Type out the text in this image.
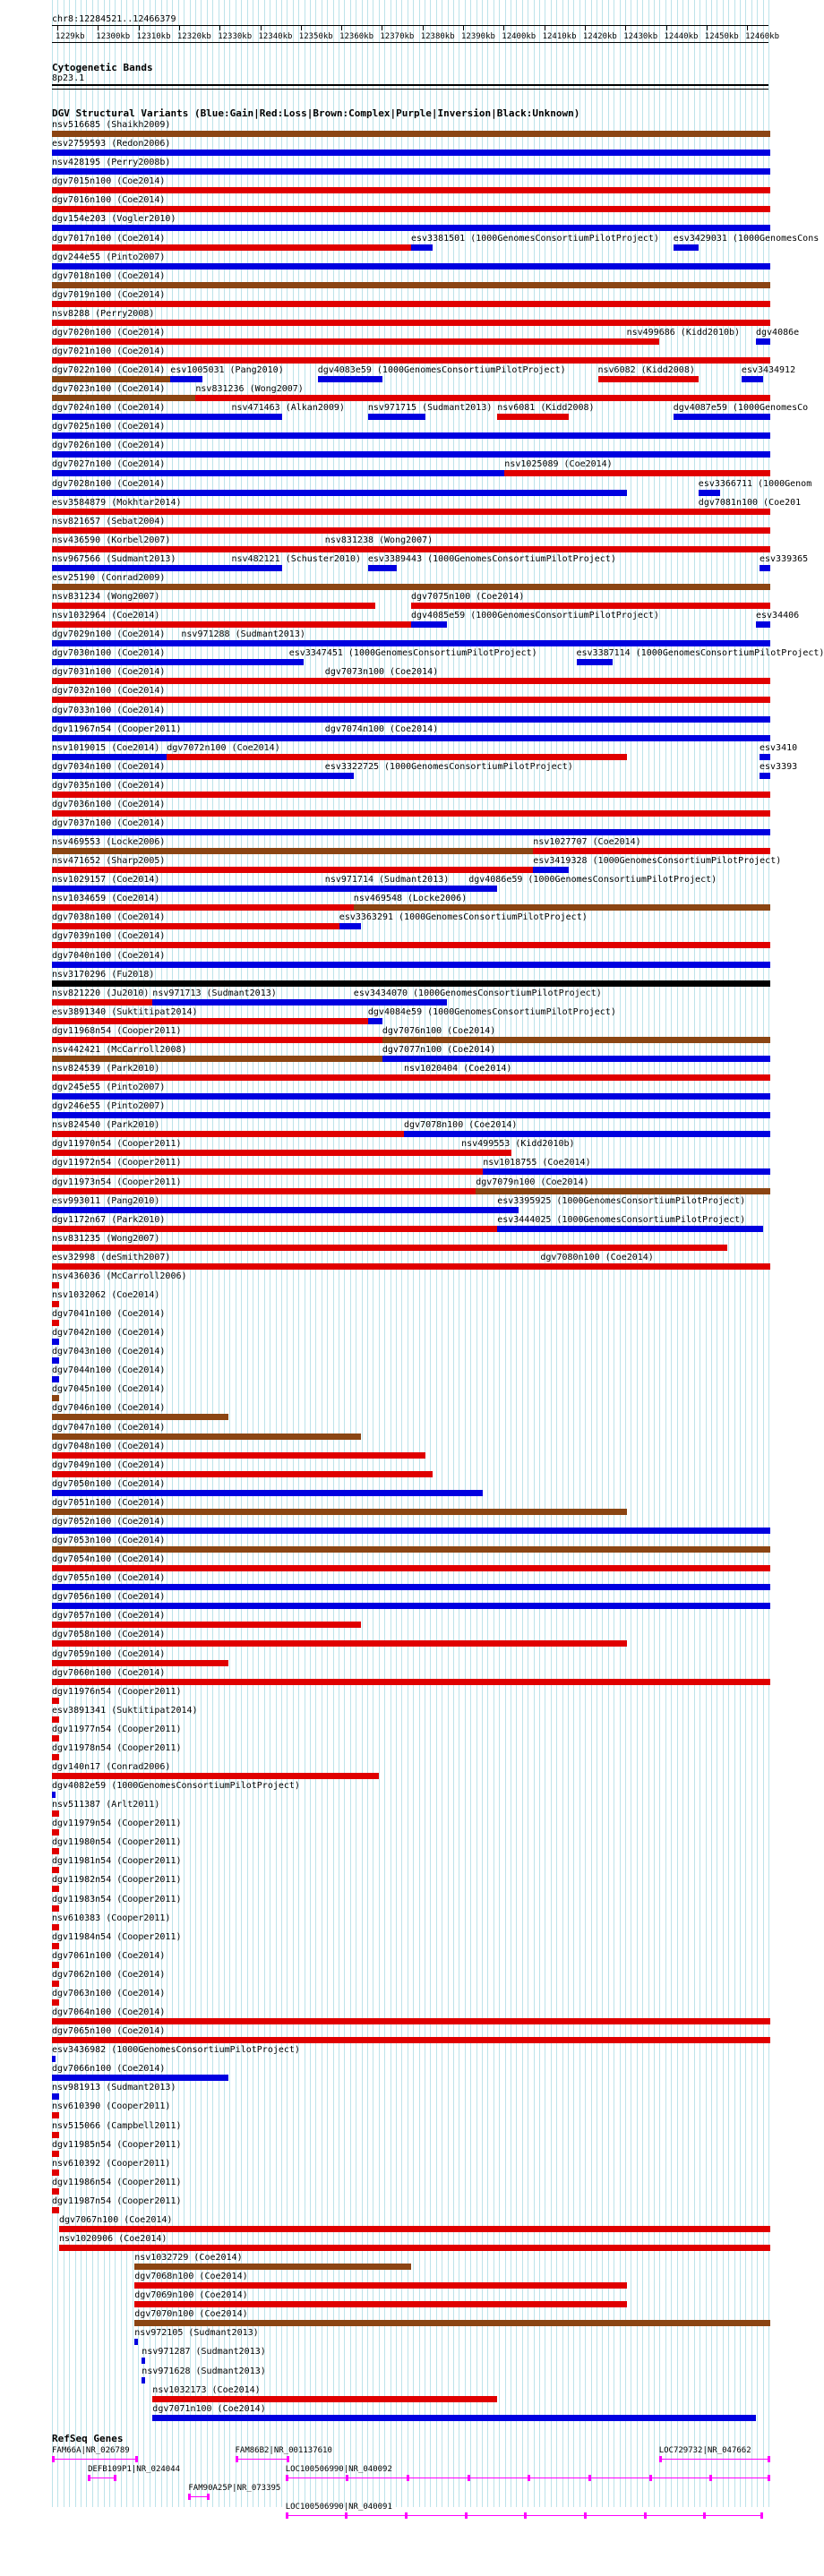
chr8:12284521..12466379
1229kb 12300kb 12310kb 12320kb 12330kb 12340kb 12350kb 12360kb 12370kb 12380kb 12390kb 12400kb 12410kb 12420kb 12430kb 12440kb 12450kb 12460kb
Cytogenetic Bands
8p23.1
DGV Structural Variants (Blue:Gain|Red:Loss|Brown:Complex|Purple|Inversion|Black:Unknown)
nsv516685 (Shaikh2009)
esv2759593 (Redon2006)
nsv428195 (Perry2008b)
dgv7015n100 (Coe2014)
dgv7016n100 (Coe2014)
dgv154e203 (Vogler2010)
dgv7017n100 (Coe2014)	esv3381501 (1000GenomesConsortiumPilotProject) esv3429031 (1000GenomesCons
dgv244e55 (Pinto2007)
dgv7018n100 (Coe2014)
dgv7019n100 (Coe2014)
nsv8288 (Perry2008)
dgv7020n100 (Coe2014)	nsv499686 (Kidd2010b) dgv4086e
dgv7021n100 (Coe2014)
dgv7022n100 (Coe2014) esv1005031 (Pang2010)	dgv4083e59 (1000GenomesConsortiumPilotProject)	nsv6082 (Kidd2008)	esv3434912
dgv7023n100 (Coe2014)	nsv831236 (Wong2007)
dgv7024n100 (Coe2014)	nsv471463 (Alkan2009)	nsv971715 (Sudmant2013) nsv6081 (Kidd2008)	dgv4087e59 (1000GenomesCo
dgv7025n100 (Coe2014)
dgv7026n100 (Coe2014)
dgv7027n100 (Coe2014)	nsv1025089 (Coe2014)
dgv7028n100 (Coe2014)	esv3366711 (1000Genom
esv3584879 (Mokhtar2014)	dgv7081n100 (Coe201
nsv821657 (Sebat2004)
nsv436590 (Korbel2007)	nsv831238 (Wong2007)
nsv967566 (Sudmant2013)	nsv482121 (Schuster2010) esv3389443 (1000GenomesConsortiumPilotProject)	esv339365
esv25190 (Conrad2009)
nsv831234 (Wong2007)	dgv7075n100 (Coe2014)
nsv1032964 (Coe2014)	dgv4085e59 (1000GenomesConsortiumPilotProject)	esv34406
dgv7029n100 (Coe2014) nsv971288 (Sudmant2013)
dgv7030n100 (Coe2014)	esv3347451 (1000GenomesConsortiumPilotProject)	esv3387114 (1000GenomesConsortiumPilotProject)
dgv7031n100 (Coe2014)	dgv7073n100 (Coe2014)
dgv7032n100 (Coe2014)
dgv7033n100 (Coe2014)
dgv11967n54 (Cooper2011)	dgv7074n100 (Coe2014)
nsv1019015 (Coe2014) dgv7072n100 (Coe2014)	esv3410
dgv7034n100 (Coe2014)	esv3322725 (1000GenomesConsortiumPilotProject)	esv3393
dgv7035n100 (Coe2014)
dgv7036n100 (Coe2014)
dgv7037n100 (Coe2014)
nsv469553 (Locke2006)	nsv1027707 (Coe2014)
nsv471652 (Sharp2005)	esv3419328 (1000GenomesConsortiumPilotProject)
nsv1029157 (Coe2014)	nsv971714 (Sudmant2013) dgv4086e59 (1000GenomesConsortiumPilotProject)
nsv1034659 (Coe2014)	nsv469548 (Locke2006)
dgv7038n100 (Coe2014)	esv3363291 (1000GenomesConsortiumPilotProject)
dgv7039n100 (Coe2014)
dgv7040n100 (Coe2014)
nsv3170296 (Fu2018)
nsv821220 (Ju2010) nsv971713 (Sudmant2013)	esv3434070 (1000GenomesConsortiumPilotProject)
esv3891340 (Suktitipat2014)	dgv4084e59 (1000GenomesConsortiumPilotProject)
dgv11968n54 (Cooper2011)	dgv7076n100 (Coe2014)
nsv442421 (McCarroll2008)	dgv7077n100 (Coe2014)
nsv824539 (Park2010)	nsv1020404 (Coe2014)
dgv245e55 (Pinto2007)
dgv246e55 (Pinto2007)
nsv824540 (Park2010)	dgv7078n100 (Coe2014)
dgv11970n54 (Cooper2011)	nsv499553 (Kidd2010b)
dgv11972n54 (Cooper2011)	nsv1018755 (Coe2014)
dgv11973n54 (Cooper2011)	dgv7079n100 (Coe2014)
esv993011 (Pang2010)	esv3395925 (1000GenomesConsortiumPilotProject)
dgv1172n67 (Park2010)	esv3444025 (1000GenomesConsortiumPilotProject)
nsv831235 (Wong2007)
esv32998 (deSmith2007)	dgv7080n100 (Coe2014)
nsv436036 (McCarroll2006)
nsv1032062 (Coe2014)
dgv7041n100 (Coe2014)
dgv7042n100 (Coe2014)
dgv7043n100 (Coe2014)
dgv7044n100 (Coe2014)
dgv7045n100 (Coe2014)
dgv7046n100 (Coe2014)
dgv7047n100 (Coe2014)
dgv7048n100 (Coe2014)
dgv7049n100 (Coe2014)
dgv7050n100 (Coe2014)
dgv7051n100 (Coe2014)
dgv7052n100 (Coe2014)
dgv7053n100 (Coe2014)
dgv7054n100 (Coe2014)
dgv7055n100 (Coe2014)
dgv7056n100 (Coe2014)
dgv7057n100 (Coe2014)
dgv7058n100 (Coe2014)
dgv7059n100 (Coe2014)
dgv7060n100 (Coe2014)
dgv11976n54 (Cooper2011)
esv3891341 (Suktitipat2014)
dgv11977n54 (Cooper2011)
dgv11978n54 (Cooper2011)
dgv140n17 (Conrad2006)
dgv4082e59 (1000GenomesConsortiumPilotProject)
nsv511387 (Arlt2011)
dgv11979n54 (Cooper2011)
dgv11980n54 (Cooper2011)
dgv11981n54 (Cooper2011)
dgv11982n54 (Cooper2011)
dgv11983n54 (Cooper2011)
nsv610383 (Cooper2011)
dgv11984n54 (Cooper2011)
dgv7061n100 (Coe2014)
dgv7062n100 (Coe2014)
dgv7063n100 (Coe2014)
dgv7064n100 (Coe2014)
dgv7065n100 (Coe2014)
esv3436982 (1000GenomesConsortiumPilotProject)
dgv7066n100 (Coe2014)
nsv981913 (Sudmant2013)
nsv610390 (Cooper2011)
nsv515066 (Campbell2011)
dgv11985n54 (Cooper2011)
nsv610392 (Cooper2011)
dgv11986n54 (Cooper2011)
dgv11987n54 (Cooper2011)
dgv7067n100 (Coe2014)
nsv1020906 (Coe2014)
nsv1032729 (Coe2014)
dgv7068n100 (Coe2014)
dgv7069n100 (Coe2014)
dgv7070n100 (Coe2014)
nsv972105 (Sudmant2013)
nsv971287 (Sudmant2013)
nsv971628 (Sudmant2013)
nsv1032173 (Coe2014)
dgv7071n100 (Coe2014)
RefSeq Genes
FAM66A|NR_026789	FAM86B2|NR_001137610	LOC729732|NR_047662
DEFB109P1|NR_024044	LOC100506990|NR_040092
FAM90A25P|NR_073395
LOC100506990|NR_040091
